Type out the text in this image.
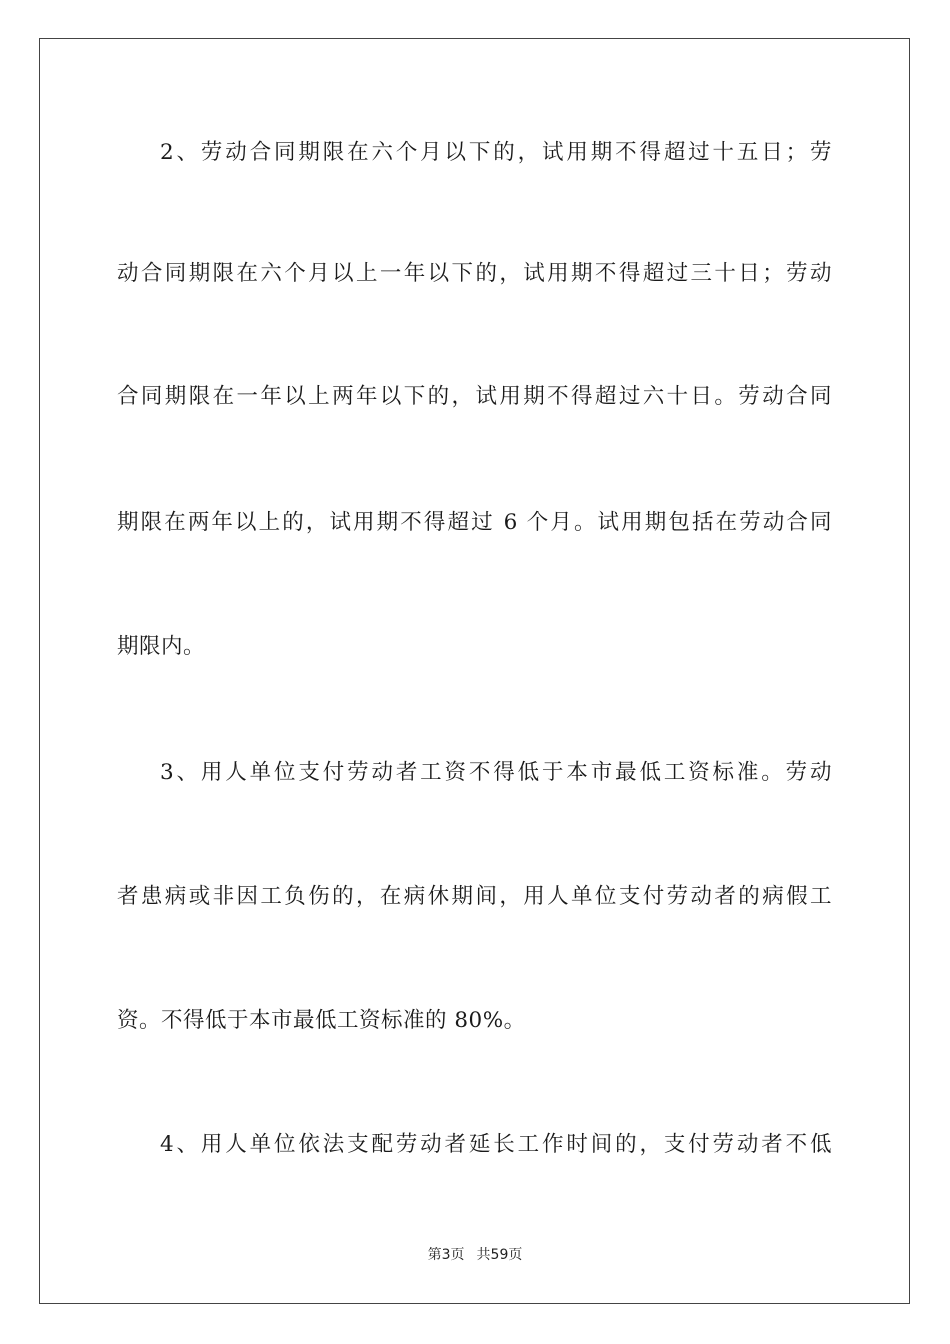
2、劳动合同期限在六个月以下的，试用期不得超过十五日；劳
动合同期限在六个月以上一年以下的，试用期不得超过三十日；劳动
合同期限在一年以上两年以下的，试用期不得超过六十日。劳动合同
期限在两年以上的，试用期不得超过 6 个月。试用期包括在劳动合同
期限内。
3、用人单位支付劳动者工资不得低于本市最低工资标准。劳动
者患病或非因工负伤的，在病休期间，用人单位支付劳动者的病假工
资。不得低于本市最低工资标准的 80%。
4、用人单位依法支配劳动者延长工作时间的，支付劳动者不低
第3页 共59页
